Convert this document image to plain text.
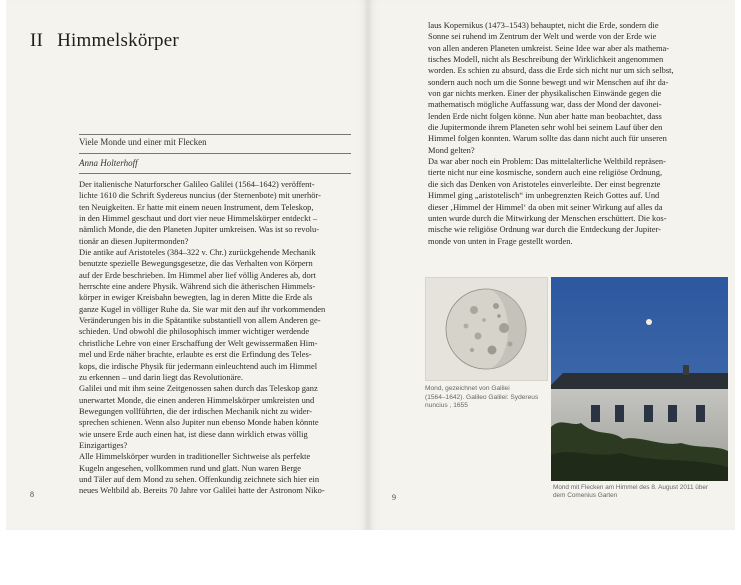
II Himmelskörper
Viele Monde und einer mit Flecken
Anna Holterhoff
Der italienische Naturforscher Galileo Galilei (1564–1642) veröffent-
lichte 1610 die Schrift Sydereus nuncius (der Sternenbote) mit unerhör-
ten Neuigkeiten. Er hatte mit einem neuen Instrument, dem Teleskop,
in den Himmel geschaut und dort vier neue Himmelskörper entdeckt –
nämlich Monde, die den Planeten Jupiter umkreisen. Was ist so revolu-
tionär an diesen Jupitermonden?
Die antike auf Aristoteles (384–322 v. Chr.) zurückgehende Mechanik
benutzte spezielle Bewegungsgesetze, die das Verhalten von Körpern
auf der Erde beschrieben. Im Himmel aber lief völlig Anderes ab, dort
herrschte eine andere Physik. Während sich die ätherischen Himmels-
körper in ewiger Kreisbahn bewegten, lag in deren Mitte die Erde als
ganze Kugel in völliger Ruhe da. Sie war mit den auf ihr vorkommenden
Veränderungen bis in die Spätantike substantiell von allem Anderen ge-
schieden. Und obwohl die philosophisch immer wichtiger werdende
christliche Lehre von einer Erschaffung der Welt gewissermaßen Him-
mel und Erde näher brachte, erlaubte es erst die Erfindung des Teles-
kops, die irdische Physik für jedermann einleuchtend auch im Himmel
zu erkennen – und darin liegt das Revolutionäre.
Galilei und mit ihm seine Zeitgenossen sahen durch das Teleskop ganz
unerwartet Monde, die einen anderen Himmelskörper umkreisten und
Bewegungen vollführten, die der irdischen Mechanik nicht zu wider-
sprechen schienen. Wenn also Jupiter nun ebenso Monde haben könnte
wie unsere Erde auch einen hat, ist diese dann wirklich etwas völlig
Einzigartiges?
Alle Himmelskörper wurden in traditioneller Sichtweise als perfekte
Kugeln angesehen, vollkommen rund und glatt. Nun waren Berge
und Täler auf dem Mond zu sehen. Offenkundig zeichnete sich hier ein
neues Weltbild ab. Bereits 70 Jahre vor Galilei hatte der Astronom Niko-
8
laus Kopernikus (1473–1543) behauptet, nicht die Erde, sondern die
Sonne sei ruhend im Zentrum der Welt und werde von der Erde wie
von allen anderen Planeten umkreist. Seine Idee war aber als mathema-
tisches Modell, nicht als Beschreibung der Wirklichkeit angenommen
worden. Es schien zu absurd, dass die Erde sich nicht nur um sich selbst,
sondern auch noch um die Sonne bewegt und wir Menschen auf ihr da-
von gar nichts merken. Einer der physikalischen Einwände gegen die
mathematisch mögliche Auffassung war, dass der Mond der davonei-
lenden Erde nicht folgen könne. Nun aber hatte man beobachtet, dass
die Jupitermonde ihrem Planeten sehr wohl bei seinem Lauf über den
Himmel folgen konnten. Warum sollte das dann nicht auch für unseren
Mond gelten?
Da war aber noch ein Problem: Das mittelalterliche Weltbild repräsen-
tierte nicht nur eine kosmische, sondern auch eine religiöse Ordnung,
die sich das Denken von Aristoteles einverleibte. Der einst begrenzte
Himmel ging „aristotelisch“ im unbegrenzten Reich Gottes auf. Und
dieser ‚Himmel der Himmel‘ da oben mit seiner Wirkung auf alles da
unten wurde durch die Mitwirkung der Menschen erschüttert. Die kos-
mische wie religiöse Ordnung war durch die Entdeckung der Jupiter-
monde von unten in Frage gestellt worden.
Mond, gezeichnet von Galilei
(1564–1642). Galileo Galilei: Sydereus
nuncius , 1655
Mond mit Flecken am Himmel des 8. August 2011 über
dem Comenius Garten
9
